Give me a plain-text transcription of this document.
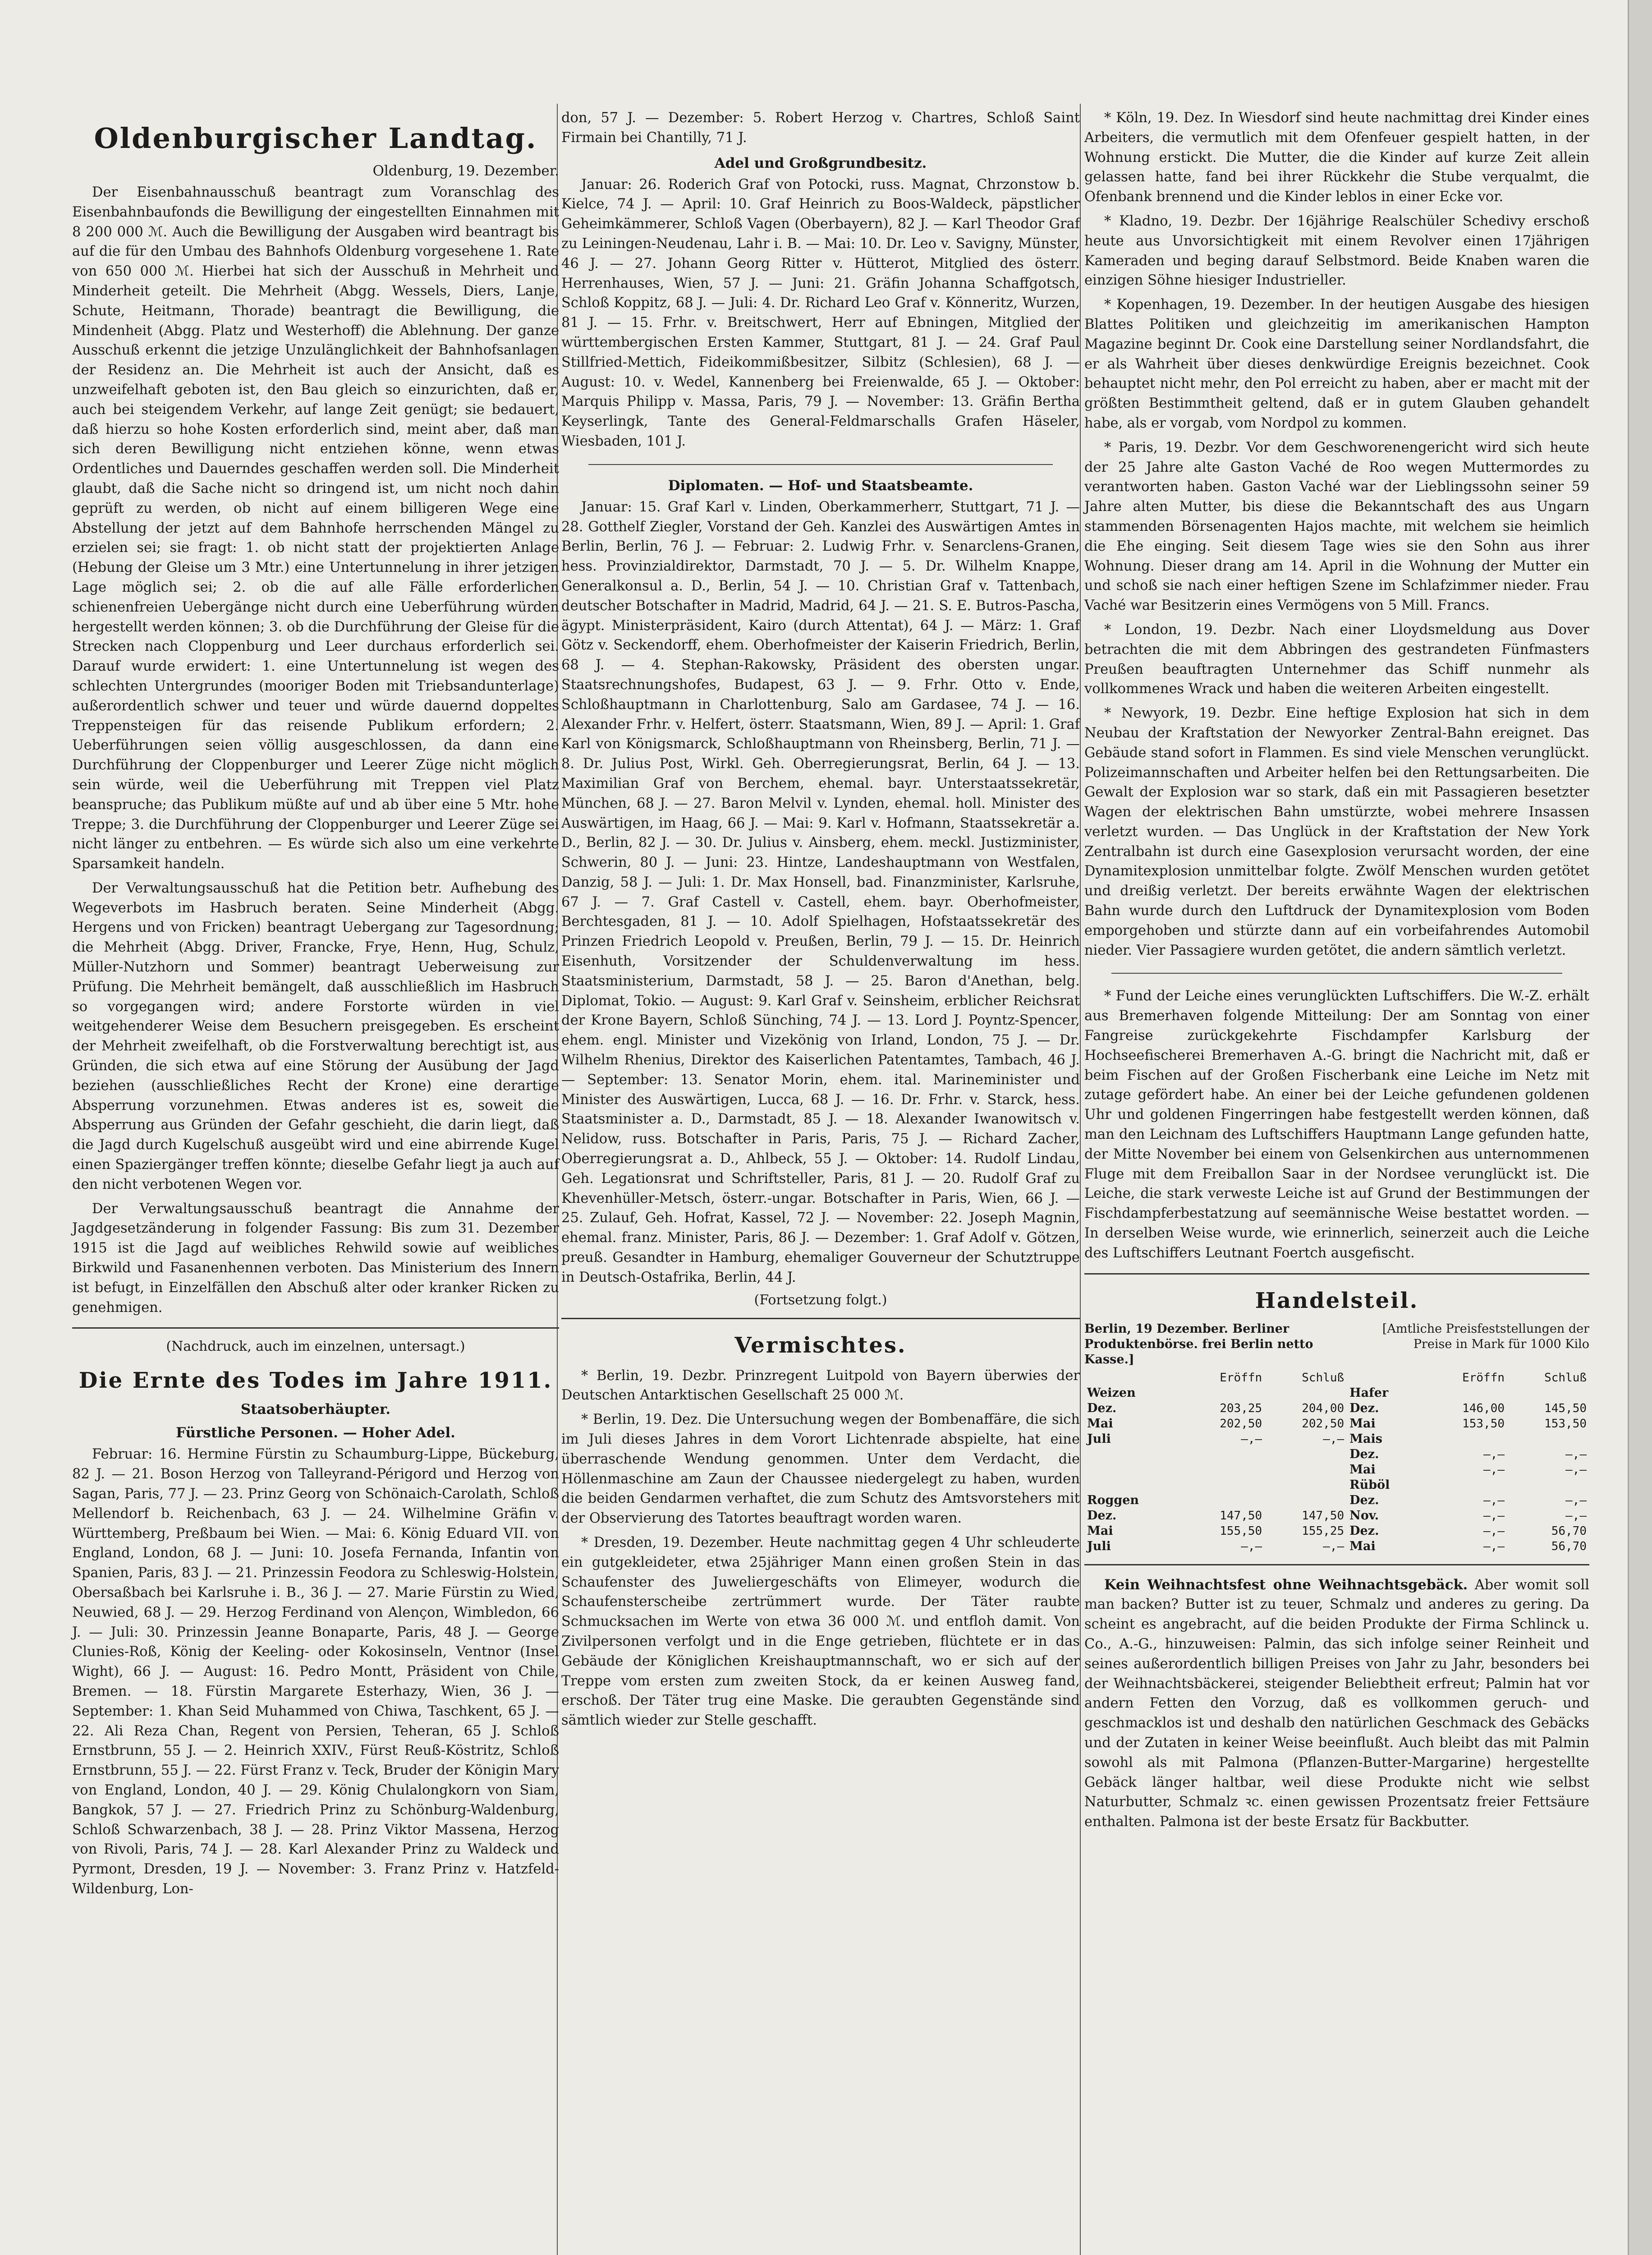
Oldenburgischer Landtag.
Oldenburg, 19. Dezember.

Der Eisenbahnausschuß beantragt zum Voranschlag des Eisenbahnbaufonds die Bewilligung der eingestellten Einnahmen mit 8 200 000 ℳ. Auch die Bewilligung der Ausgaben wird beantragt bis auf die für den Umbau des Bahnhofs Oldenburg vorgesehene 1. Rate von 650 000 ℳ. Hierbei hat sich der Ausschuß in Mehrheit und Minderheit geteilt. Die Mehrheit (Abgg. Wessels, Diers, Lanje, Schute, Heitmann, Thorade) beantragt die Bewilligung, die Mindenheit (Abgg. Platz und Westerhoff) die Ablehnung. Der ganze Ausschuß erkennt die jetzige Unzulänglichkeit der Bahnhofsanlagen der Residenz an. Die Mehrheit ist auch der Ansicht, daß es unzweifelhaft geboten ist, den Bau gleich so einzurichten, daß er, auch bei steigendem Verkehr, auf lange Zeit genügt; sie bedauert, daß hierzu so hohe Kosten erforderlich sind, meint aber, daß man sich deren Bewilligung nicht entziehen könne, wenn etwas Ordentliches und Dauerndes geschaffen werden soll. Die Minderheit glaubt, daß die Sache nicht so dringend ist, um nicht noch dahin geprüft zu werden, ob nicht auf einem billigeren Wege eine Abstellung der jetzt auf dem Bahnhofe herrschenden Mängel zu erzielen sei; sie fragt: 1. ob nicht statt der projektierten Anlage (Hebung der Gleise um 3 Mtr.) eine Untertunnelung in ihrer jetzigen Lage möglich sei; 2. ob die auf alle Fälle erforderlichen schienenfreien Uebergänge nicht durch eine Ueberführung würden hergestellt werden können; 3. ob die Durchführung der Gleise für die Strecken nach Cloppenburg und Leer durchaus erforderlich sei. Darauf wurde erwidert: 1. eine Untertunnelung ist wegen des schlechten Untergrundes (mooriger Boden mit Triebsandunterlage) außerordentlich schwer und teuer und würde dauernd doppeltes Treppensteigen für das reisende Publikum erfordern; 2. Ueberführungen seien völlig ausgeschlossen, da dann eine Durchführung der Cloppenburger und Leerer Züge nicht möglich sein würde, weil die Ueberführung mit Treppen viel Platz beanspruche; das Publikum müßte auf und ab über eine 5 Mtr. hohe Treppe; 3. die Durchführung der Cloppenburger und Leerer Züge sei nicht länger zu entbehren. — Es würde sich also um eine verkehrte Sparsamkeit handeln.

Der Verwaltungsausschuß hat die Petition betr. Aufhebung des Wegeverbots im Hasbruch beraten. Seine Minderheit (Abgg. Hergens und von Fricken) beantragt Uebergang zur Tagesordnung; die Mehrheit (Abgg. Driver, Francke, Frye, Henn, Hug, Schulz, Müller-Nutzhorn und Sommer) beantragt Ueberweisung zur Prüfung. Die Mehrheit bemängelt, daß ausschließlich im Hasbruch so vorgegangen wird; andere Forstorte würden in viel weitgehenderer Weise dem Besuchern preisgegeben. Es erscheint der Mehrheit zweifelhaft, ob die Forstverwaltung berechtigt ist, aus Gründen, die sich etwa auf eine Störung der Ausübung der Jagd beziehen (ausschließliches Recht der Krone) eine derartige Absperrung vorzunehmen. Etwas anderes ist es, soweit die Absperrung aus Gründen der Gefahr geschieht, die darin liegt, daß die Jagd durch Kugelschuß ausgeübt wird und eine abirrende Kugel einen Spaziergänger treffen könnte; dieselbe Gefahr liegt ja auch auf den nicht verbotenen Wegen vor.

Der Verwaltungsausschuß beantragt die Annahme der Jagdgesetzänderung in folgender Fassung: Bis zum 31. Dezember 1915 ist die Jagd auf weibliches Rehwild sowie auf weibliches Birkwild und Fasanenhennen verboten. Das Ministerium des Innern ist befugt, in Einzelfällen den Abschuß alter oder kranker Ricken zu genehmigen.

(Nachdruck, auch im einzelnen, untersagt.)
Die Ernte des Todes im Jahre 1911.
Staatsoberhäupter.
Fürstliche Personen. — Hoher Adel.

Februar: 16. Hermine Fürstin zu Schaumburg-Lippe, Bückeburg, 82 J. — 21. Boson Herzog von Talleyrand-Périgord und Herzog von Sagan, Paris, 77 J. — 23. Prinz Georg von Schönaich-Carolath, Schloß Mellendorf b. Reichenbach, 63 J. — 24. Wilhelmine Gräfin v. Württemberg, Preßbaum bei Wien. — Mai: 6. König Eduard VII. von England, London, 68 J. — Juni: 10. Josefa Fernanda, Infantin von Spanien, Paris, 83 J. — 21. Prinzessin Feodora zu Schleswig-Holstein, Obersaßbach bei Karlsruhe i. B., 36 J. — 27. Marie Fürstin zu Wied, Neuwied, 68 J. — 29. Herzog Ferdinand von Alençon, Wimbledon, 66 J. — Juli: 30. Prinzessin Jeanne Bonaparte, Paris, 48 J. — George Clunies-Roß, König der Keeling- oder Kokosinseln, Ventnor (Insel Wight), 66 J. — August: 16. Pedro Montt, Präsident von Chile, Bremen. — 18. Fürstin Margarete Esterhazy, Wien, 36 J. — September: 1. Khan Seid Muhammed von Chiwa, Taschkent, 65 J. — 22. Ali Reza Chan, Regent von Persien, Teheran, 65 J. Schloß Ernstbrunn, 55 J. — 2. Heinrich XXIV., Fürst Reuß-Köstritz, Schloß Ernstbrunn, 55 J. — 22. Fürst Franz v. Teck, Bruder der Königin Mary von England, London, 40 J. — 29. König Chulalongkorn von Siam, Bangkok, 57 J. — 27. Friedrich Prinz zu Schönburg-Waldenburg, Schloß Schwarzenbach, 38 J. — 28. Prinz Viktor Massena, Herzog von Rivoli, Paris, 74 J. — 28. Karl Alexander Prinz zu Waldeck und Pyrmont, Dresden, 19 J. — November: 3. Franz Prinz v. Hatzfeld-Wildenburg, Lon-

don, 57 J. — Dezember: 5. Robert Herzog v. Chartres, Schloß Saint Firmain bei Chantilly, 71 J.

Adel und Großgrundbesitz.

Januar: 26. Roderich Graf von Potocki, russ. Magnat, Chrzonstow b. Kielce, 74 J. — April: 10. Graf Heinrich zu Boos-Waldeck, päpstlicher Geheimkämmerer, Schloß Vagen (Oberbayern), 82 J. — Karl Theodor Graf zu Leiningen-Neudenau, Lahr i. B. — Mai: 10. Dr. Leo v. Savigny, Münster, 46 J. — 27. Johann Georg Ritter v. Hütterot, Mitglied des österr. Herrenhauses, Wien, 57 J. — Juni: 21. Gräfin Johanna Schaffgotsch, Schloß Koppitz, 68 J. — Juli: 4. Dr. Richard Leo Graf v. Könneritz, Wurzen, 81 J. — 15. Frhr. v. Breitschwert, Herr auf Ebningen, Mitglied der württembergischen Ersten Kammer, Stuttgart, 81 J. — 24. Graf Paul Stillfried-Mettich, Fideikommißbesitzer, Silbitz (Schlesien), 68 J. — August: 10. v. Wedel, Kannenberg bei Freienwalde, 65 J. — Oktober: Marquis Philipp v. Massa, Paris, 79 J. — November: 13. Gräfin Bertha Keyserlingk, Tante des General-Feldmarschalls Grafen Häseler, Wiesbaden, 101 J.

Diplomaten. — Hof- und Staatsbeamte.

Januar: 15. Graf Karl v. Linden, Oberkammerherr, Stuttgart, 71 J. — 28. Gotthelf Ziegler, Vorstand der Geh. Kanzlei des Auswärtigen Amtes in Berlin, Berlin, 76 J. — Februar: 2. Ludwig Frhr. v. Senarclens-Granen, hess. Provinzialdirektor, Darmstadt, 70 J. — 5. Dr. Wilhelm Knappe, Generalkonsul a. D., Berlin, 54 J. — 10. Christian Graf v. Tattenbach, deutscher Botschafter in Madrid, Madrid, 64 J. — 21. S. E. Butros-Pascha, ägypt. Ministerpräsident, Kairo (durch Attentat), 64 J. — März: 1. Graf Götz v. Seckendorff, ehem. Oberhofmeister der Kaiserin Friedrich, Berlin, 68 J. — 4. Stephan-Rakowsky, Präsident des obersten ungar. Staatsrechnungshofes, Budapest, 63 J. — 9. Frhr. Otto v. Ende, Schloßhauptmann in Charlottenburg, Salo am Gardasee, 74 J. — 16. Alexander Frhr. v. Helfert, österr. Staatsmann, Wien, 89 J. — April: 1. Graf Karl von Königsmarck, Schloßhauptmann von Rheinsberg, Berlin, 71 J. — 8. Dr. Julius Post, Wirkl. Geh. Oberregierungsrat, Berlin, 64 J. — 13. Maximilian Graf von Berchem, ehemal. bayr. Unterstaatssekretär, München, 68 J. — 27. Baron Melvil v. Lynden, ehemal. holl. Minister des Auswärtigen, im Haag, 66 J. — Mai: 9. Karl v. Hofmann, Staatssekretär a. D., Berlin, 82 J. — 30. Dr. Julius v. Ainsberg, ehem. meckl. Justizminister, Schwerin, 80 J. — Juni: 23. Hintze, Landeshauptmann von Westfalen, Danzig, 58 J. — Juli: 1. Dr. Max Honsell, bad. Finanzminister, Karlsruhe, 67 J. — 7. Graf Castell v. Castell, ehem. bayr. Oberhofmeister, Berchtesgaden, 81 J. — 10. Adolf Spielhagen, Hofstaatssekretär des Prinzen Friedrich Leopold v. Preußen, Berlin, 79 J. — 15. Dr. Heinrich Eisenhuth, Vorsitzender der Schuldenverwaltung im hess. Staatsministerium, Darmstadt, 58 J. — 25. Baron d'Anethan, belg. Diplomat, Tokio. — August: 9. Karl Graf v. Seinsheim, erblicher Reichsrat der Krone Bayern, Schloß Sünching, 74 J. — 13. Lord J. Poyntz-Spencer, ehem. engl. Minister und Vizekönig von Irland, London, 75 J. — Dr. Wilhelm Rhenius, Direktor des Kaiserlichen Patentamtes, Tambach, 46 J. — September: 13. Senator Morin, ehem. ital. Marineminister und Minister des Auswärtigen, Lucca, 68 J. — 16. Dr. Frhr. v. Starck, hess. Staatsminister a. D., Darmstadt, 85 J. — 18. Alexander Iwanowitsch v. Nelidow, russ. Botschafter in Paris, Paris, 75 J. — Richard Zacher, Oberregierungsrat a. D., Ahlbeck, 55 J. — Oktober: 14. Rudolf Lindau, Geh. Legationsrat und Schriftsteller, Paris, 81 J. — 20. Rudolf Graf zu Khevenhüller-Metsch, österr.-ungar. Botschafter in Paris, Wien, 66 J. — 25. Zulauf, Geh. Hofrat, Kassel, 72 J. — November: 22. Joseph Magnin, ehemal. franz. Minister, Paris, 86 J. — Dezember: 1. Graf Adolf v. Götzen, preuß. Gesandter in Hamburg, ehemaliger Gouverneur der Schutztruppe in Deutsch-Ostafrika, Berlin, 44 J.

(Fortsetzung folgt.)
Vermischtes.

* Berlin, 19. Dezbr. Prinzregent Luitpold von Bayern überwies der Deutschen Antarktischen Gesellschaft 25 000 ℳ.

* Berlin, 19. Dez. Die Untersuchung wegen der Bombenaffäre, die sich im Juli dieses Jahres in dem Vorort Lichtenrade abspielte, hat eine überraschende Wendung genommen. Unter dem Verdacht, die Höllenmaschine am Zaun der Chaussee niedergelegt zu haben, wurden die beiden Gendarmen verhaftet, die zum Schutz des Amtsvorstehers mit der Observierung des Tatortes beauftragt worden waren.

* Dresden, 19. Dezember. Heute nachmittag gegen 4 Uhr schleuderte ein gutgekleideter, etwa 25jähriger Mann einen großen Stein in das Schaufenster des Juweliergeschäfts von Elimeyer, wodurch die Schaufensterscheibe zertrümmert wurde. Der Täter raubte Schmucksachen im Werte von etwa 36 000 ℳ. und entfloh damit. Von Zivilpersonen verfolgt und in die Enge getrieben, flüchtete er in das Gebäude der Königlichen Kreishauptmannschaft, wo er sich auf der Treppe vom ersten zum zweiten Stock, da er keinen Ausweg fand, erschoß. Der Täter trug eine Maske. Die geraubten Gegenstände sind sämtlich wieder zur Stelle geschafft.

* Köln, 19. Dez. In Wiesdorf sind heute nachmittag drei Kinder eines Arbeiters, die vermutlich mit dem Ofenfeuer gespielt hatten, in der Wohnung erstickt. Die Mutter, die die Kinder auf kurze Zeit allein gelassen hatte, fand bei ihrer Rückkehr die Stube verqualmt, die Ofenbank brennend und die Kinder leblos in einer Ecke vor.

* Kladno, 19. Dezbr. Der 16jährige Realschüler Schedivy erschoß heute aus Unvorsichtigkeit mit einem Revolver einen 17jährigen Kameraden und beging darauf Selbstmord. Beide Knaben waren die einzigen Söhne hiesiger Industrieller.

* Kopenhagen, 19. Dezember. In der heutigen Ausgabe des hiesigen Blattes Politiken und gleichzeitig im amerikanischen Hampton Magazine beginnt Dr. Cook eine Darstellung seiner Nordlandsfahrt, die er als Wahrheit über dieses denkwürdige Ereignis bezeichnet. Cook behauptet nicht mehr, den Pol erreicht zu haben, aber er macht mit der größten Bestimmtheit geltend, daß er in gutem Glauben gehandelt habe, als er vorgab, vom Nordpol zu kommen.

* Paris, 19. Dezbr. Vor dem Geschworenengericht wird sich heute der 25 Jahre alte Gaston Vaché de Roo wegen Muttermordes zu verantworten haben. Gaston Vaché war der Lieblingssohn seiner 59 Jahre alten Mutter, bis diese die Bekanntschaft des aus Ungarn stammenden Börsenagenten Hajos machte, mit welchem sie heimlich die Ehe einging. Seit diesem Tage wies sie den Sohn aus ihrer Wohnung. Dieser drang am 14. April in die Wohnung der Mutter ein und schoß sie nach einer heftigen Szene im Schlafzimmer nieder. Frau Vaché war Besitzerin eines Vermögens von 5 Mill. Francs.

* London, 19. Dezbr. Nach einer Lloydsmeldung aus Dover betrachten die mit dem Abbringen des gestrandeten Fünfmasters Preußen beauftragten Unternehmer das Schiff nunmehr als vollkommenes Wrack und haben die weiteren Arbeiten eingestellt.

* Newyork, 19. Dezbr. Eine heftige Explosion hat sich in dem Neubau der Kraftstation der Newyorker Zentral-Bahn ereignet. Das Gebäude stand sofort in Flammen. Es sind viele Menschen verunglückt. Polizeimannschaften und Arbeiter helfen bei den Rettungsarbeiten. Die Gewalt der Explosion war so stark, daß ein mit Passagieren besetzter Wagen der elektrischen Bahn umstürzte, wobei mehrere Insassen verletzt wurden. — Das Unglück in der Kraftstation der New York Zentralbahn ist durch eine Gasexplosion verursacht worden, der eine Dynamitexplosion unmittelbar folgte. Zwölf Menschen wurden getötet und dreißig verletzt. Der bereits erwähnte Wagen der elektrischen Bahn wurde durch den Luftdruck der Dynamitexplosion vom Boden emporgehoben und stürzte dann auf ein vorbeifahrendes Automobil nieder. Vier Passagiere wurden getötet, die andern sämtlich verletzt.

* Fund der Leiche eines verunglückten Luftschiffers. Die W.-Z. erhält aus Bremerhaven folgende Mitteilung: Der am Sonntag von einer Fangreise zurückgekehrte Fischdampfer Karlsburg der Hochseefischerei Bremerhaven A.-G. bringt die Nachricht mit, daß er beim Fischen auf der Großen Fischerbank eine Leiche im Netz mit zutage gefördert habe. An einer bei der Leiche gefundenen goldenen Uhr und goldenen Fingerringen habe festgestellt werden können, daß man den Leichnam des Luftschiffers Hauptmann Lange gefunden hatte, der Mitte November bei einem von Gelsenkirchen aus unternommenen Fluge mit dem Freiballon Saar in der Nordsee verunglückt ist. Die Leiche, die stark verweste Leiche ist auf Grund der Bestimmungen der Fischdampferbestatzung auf seemännische Weise bestattet worden. — In derselben Weise wurde, wie erinnerlich, seinerzeit auch die Leiche des Luftschiffers Leutnant Foertch ausgefischt.

Handelsteil.
Berlin, 19 Dezember. Berliner Produktenbörse. frei Berlin netto Kasse.]
[Amtliche Preisfeststellungen der Preise in Mark für 1000 Kilo
	Eröffn	Schluß		Eröffn	Schluß
Weizen			Hafer		
Dez.	203,25	204,00	Dez.	146,00	145,50
Mai	202,50	202,50	Mai	153,50	153,50
Juli	—,—	—,—	Mais		
			Dez.	—,—	—,—
			Mai	—,—	—,—
			Rüböl		
Roggen			Dez.	—,—	—,—
Dez.	147,50	147,50	Nov.	—,—	—,—
Mai	155,50	155,25	Dez.	—,—	56,70
Juli	—,—	—,—	Mai	—,—	56,70

Kein Weihnachtsfest ohne Weihnachtsgebäck. Aber womit soll man backen? Butter ist zu teuer, Schmalz und anderes zu gering. Da scheint es angebracht, auf die beiden Produkte der Firma Schlinck u. Co., A.-G., hinzuweisen: Palmin, das sich infolge seiner Reinheit und seines außerordentlich billigen Preises von Jahr zu Jahr, besonders bei der Weihnachtsbäckerei, steigender Beliebtheit erfreut; Palmin hat vor andern Fetten den Vorzug, daß es vollkommen geruch- und geschmacklos ist und deshalb den natürlichen Geschmack des Gebäcks und der Zutaten in keiner Weise beeinflußt. Auch bleibt das mit Palmin sowohl als mit Palmona (Pflanzen-Butter-Margarine) hergestellte Gebäck länger haltbar, weil diese Produkte nicht wie selbst Naturbutter, Schmalz ꝛc. einen gewissen Prozentsatz freier Fettsäure enthalten. Palmona ist der beste Ersatz für Backbutter.
